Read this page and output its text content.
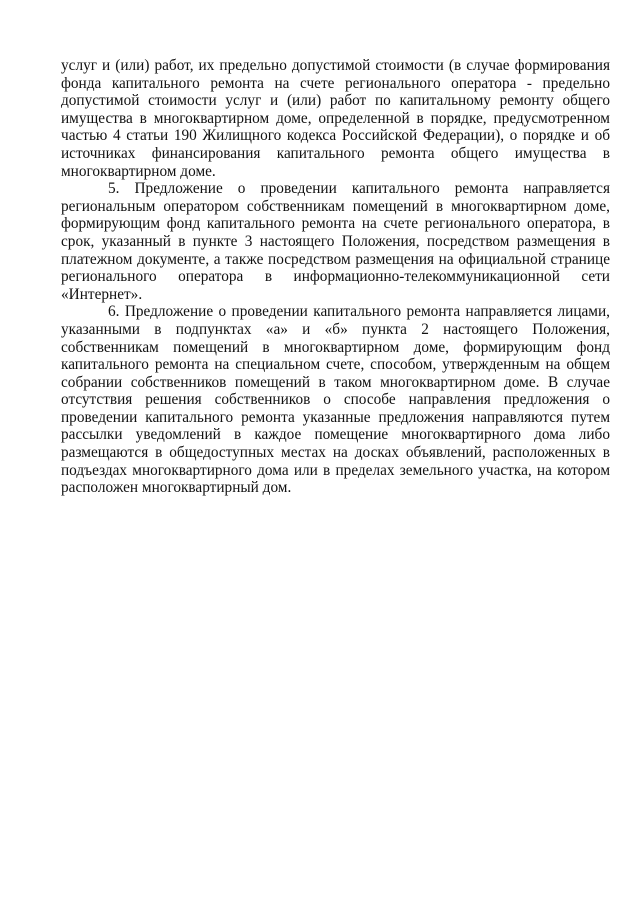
услуг и (или) работ, их предельно допустимой стоимости (в случае формирования фонда капитального ремонта на счете регионального оператора - предельно допустимой стоимости услуг и (или) работ по капитальному ремонту общего имущества в многоквартирном доме, определенной в порядке, предусмотренном частью 4 статьи 190 Жилищного кодекса Российской Федерации), о порядке и об источниках финансирования капитального ремонта общего имущества в многоквартирном доме.

5. Предложение о проведении капитального ремонта направляется региональным оператором собственникам помещений в многоквартирном доме, формирующим фонд капитального ремонта на счете регионального оператора, в срок, указанный в пункте 3 настоящего Положения, посредством размещения в платежном документе, а также посредством размещения на официальной странице регионального оператора в информационно-телекоммуникационной сети «Интернет».

6. Предложение о проведении капитального ремонта направляется лицами, указанными в подпунктах «а» и «б» пункта 2 настоящего Положения, собственникам помещений в многоквартирном доме, формирующим фонд капитального ремонта на специальном счете, способом, утвержденным на общем собрании собственников помещений в таком многоквартирном доме. В случае отсутствия решения собственников о способе направления предложения о проведении капитального ремонта указанные предложения направляются путем рассылки уведомлений в каждое помещение многоквартирного дома либо размещаются в общедоступных местах на досках объявлений, расположенных в подъездах многоквартирного дома или в пределах земельного участка, на котором расположен многоквартирный дом.
